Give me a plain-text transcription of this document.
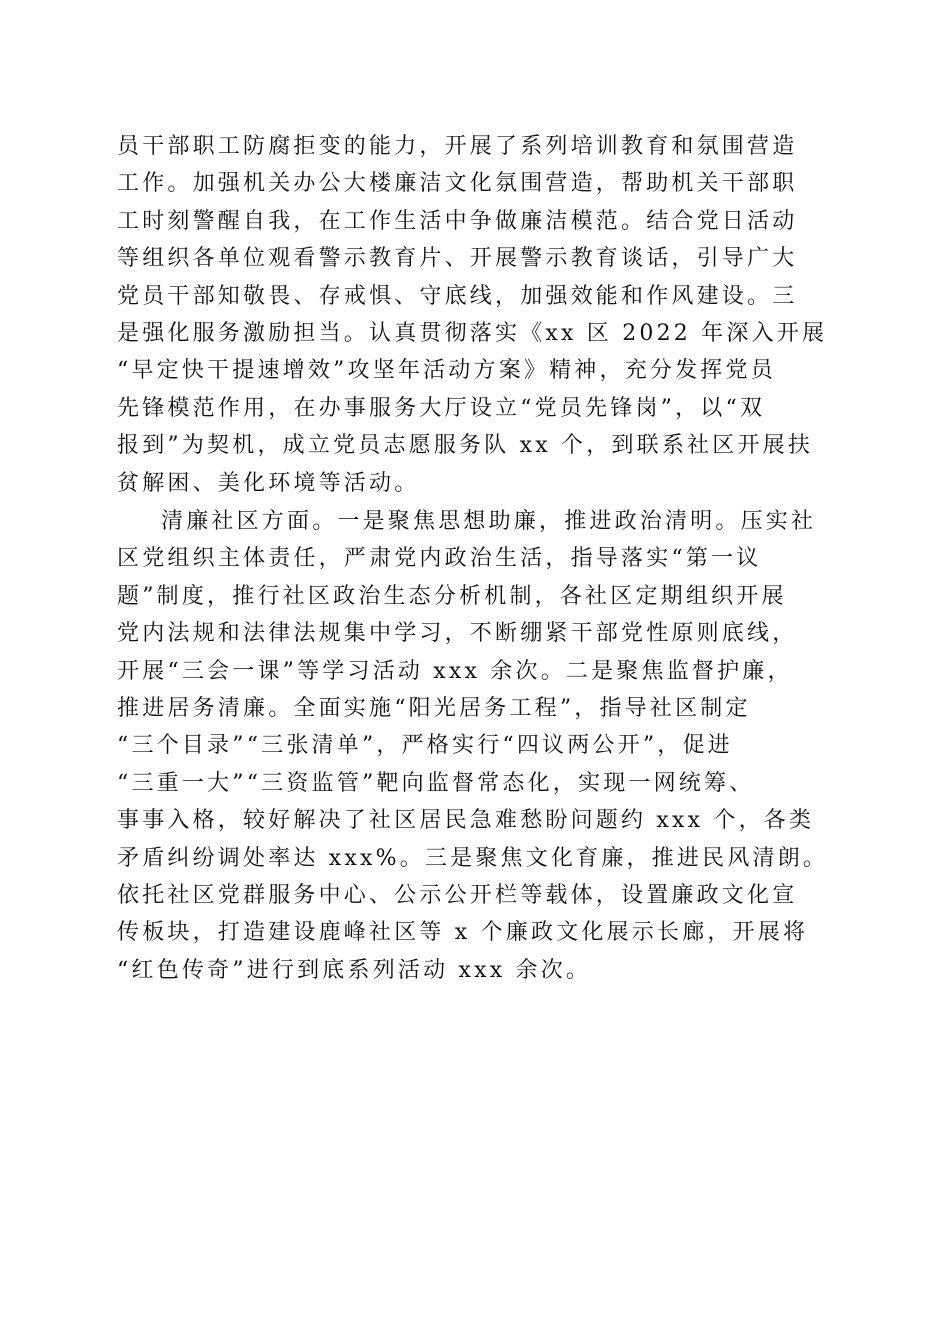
员干部职工防腐拒变的能力，开展了系列培训教育和氛围营造
工作。加强机关办公大楼廉洁文化氛围营造，帮助机关干部职
工时刻警醒自我，在工作生活中争做廉洁模范。结合党日活动
等组织各单位观看警示教育片、开展警示教育谈话，引导广大
党员干部知敬畏、存戒惧、守底线，加强效能和作风建设。三
是强化服务激励担当。认真贯彻落实《xx 区 2022 年深入开展
“早定快干提速增效”攻坚年活动方案》精神，充分发挥党员
先锋模范作用，在办事服务大厅设立“党员先锋岗”，以“双
报到”为契机，成立党员志愿服务队 xx 个，到联系社区开展扶
贫解困、美化环境等活动。
清廉社区方面。一是聚焦思想助廉，推进政治清明。压实社
区党组织主体责任，严肃党内政治生活，指导落实“第一议
题”制度，推行社区政治生态分析机制，各社区定期组织开展
党内法规和法律法规集中学习，不断绷紧干部党性原则底线，
开展“三会一课”等学习活动 xxx 余次。二是聚焦监督护廉，
推进居务清廉。全面实施“阳光居务工程”，指导社区制定
“三个目录”“三张清单”，严格实行“四议两公开”，促进
“三重一大”“三资监管”靶向监督常态化，实现一网统筹、
事事入格，较好解决了社区居民急难愁盼问题约 xxx 个，各类
矛盾纠纷调处率达 xxx%。三是聚焦文化育廉，推进民风清朗。
依托社区党群服务中心、公示公开栏等载体，设置廉政文化宣
传板块，打造建设鹿峰社区等 x 个廉政文化展示长廊，开展将
“红色传奇”进行到底系列活动 xxx 余次。
